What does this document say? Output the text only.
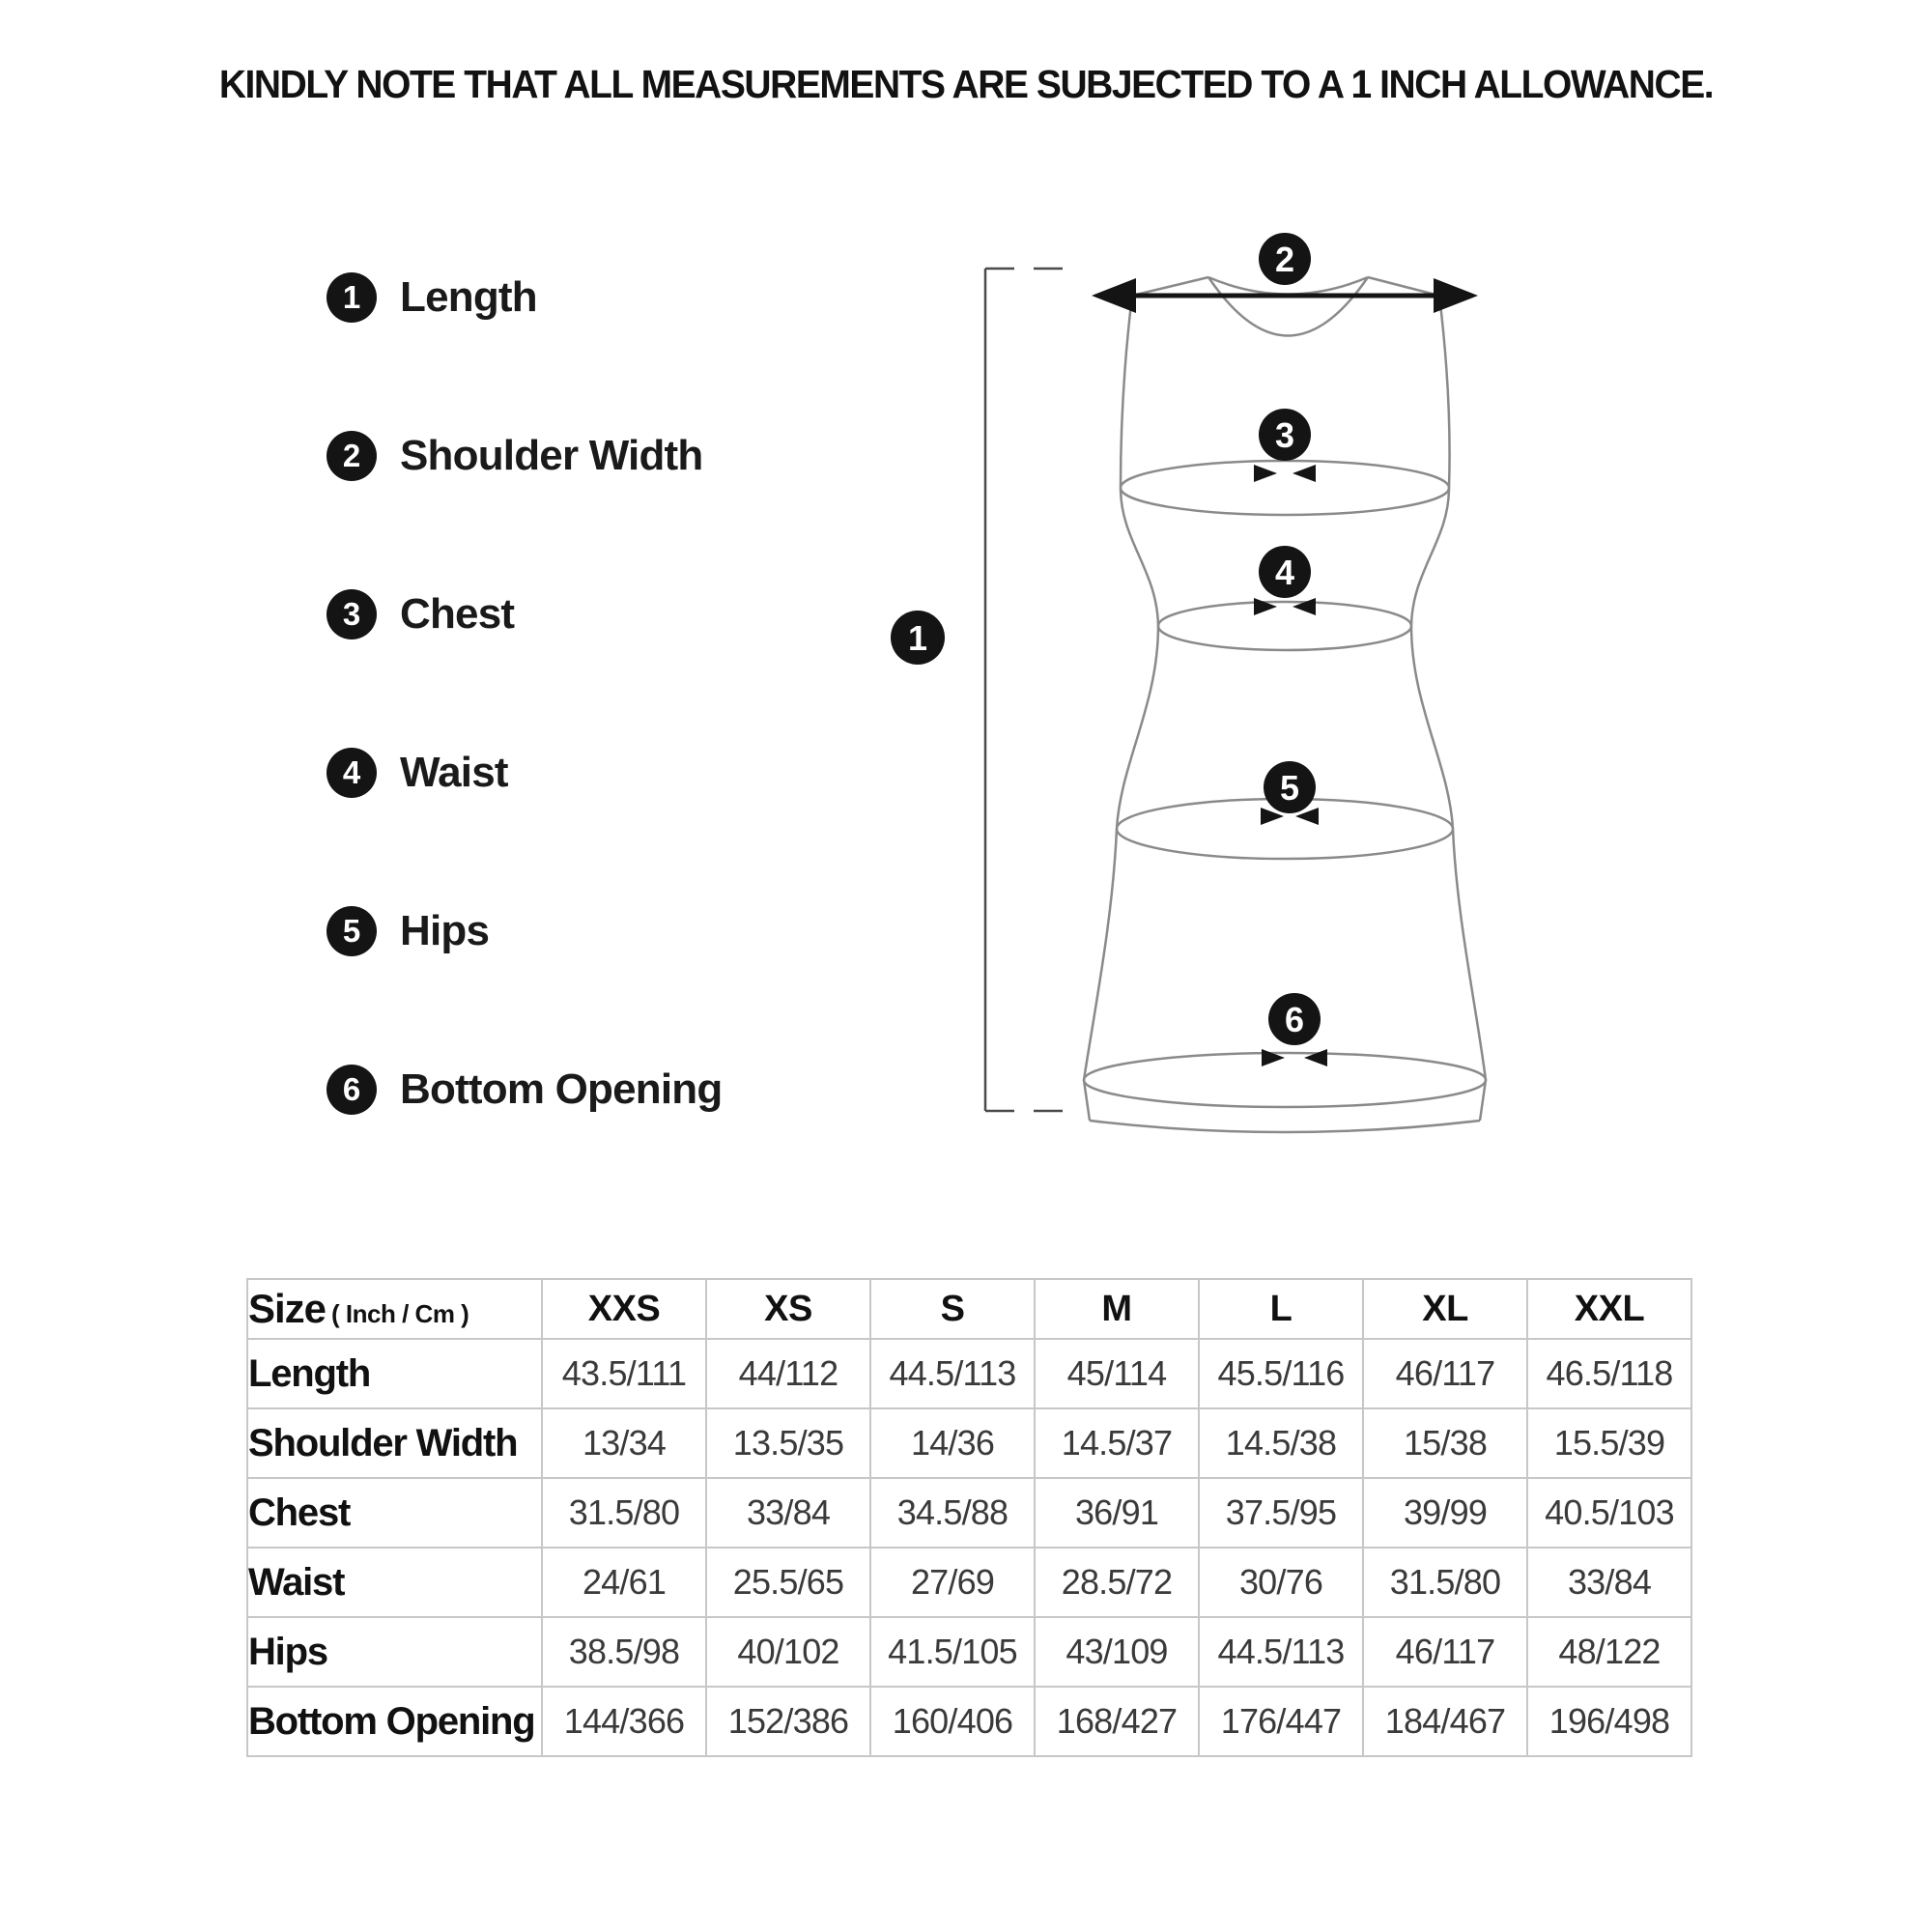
KINDLY NOTE THAT ALL MEASUREMENTS ARE SUBJECTED TO A 1 INCH ALLOWANCE.
1 Length
2 Shoulder Width
3 Chest
4 Waist
5 Hips
6 Bottom Opening
1
2
3
4
5
6
Size ( Inch / Cm )	XXS	XS	S	M	L	XL	XXL
Length	43.5/111	44/112	44.5/113	45/114	45.5/116	46/117	46.5/118
Shoulder Width	13/34	13.5/35	14/36	14.5/37	14.5/38	15/38	15.5/39
Chest	31.5/80	33/84	34.5/88	36/91	37.5/95	39/99	40.5/103
Waist	24/61	25.5/65	27/69	28.5/72	30/76	31.5/80	33/84
Hips	38.5/98	40/102	41.5/105	43/109	44.5/113	46/117	48/122
Bottom Opening	144/366	152/386	160/406	168/427	176/447	184/467	196/498
